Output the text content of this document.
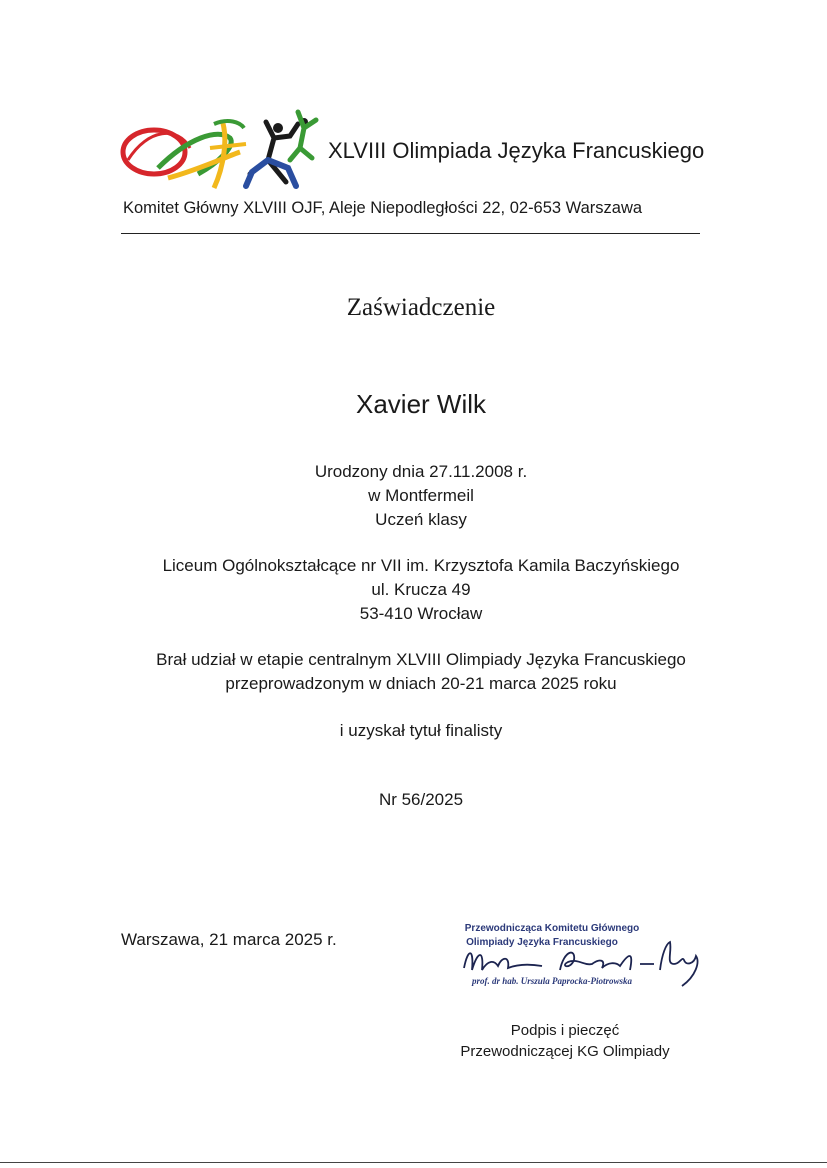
XLVIII Olimpiada Języka Francuskiego
Komitet Główny XLVIII OJF, Aleje Niepodległości 22, 02-653 Warszawa
Zaświadczenie
Xavier Wilk
Urodzony dnia 27.11.2008 r.
w Montfermeil
Uczeń klasy
Liceum Ogólnokształcące nr VII im. Krzysztofa Kamila Baczyńskiego
ul. Krucza 49
53-410 Wrocław
Brał udział w etapie centralnym XLVIII Olimpiady Języka Francuskiego
przeprowadzonym w dniach 20-21 marca 2025 roku
i uzyskał tytuł finalisty
Nr 56/2025
Warszawa, 21 marca 2025 r.
Przewodnicząca Komitetu Głównego
Olimpiady Języka Francuskiego
prof. dr hab. Urszula Paprocka-Piotrowska
Podpis i pieczęć
Przewodniczącej KG Olimpiady
